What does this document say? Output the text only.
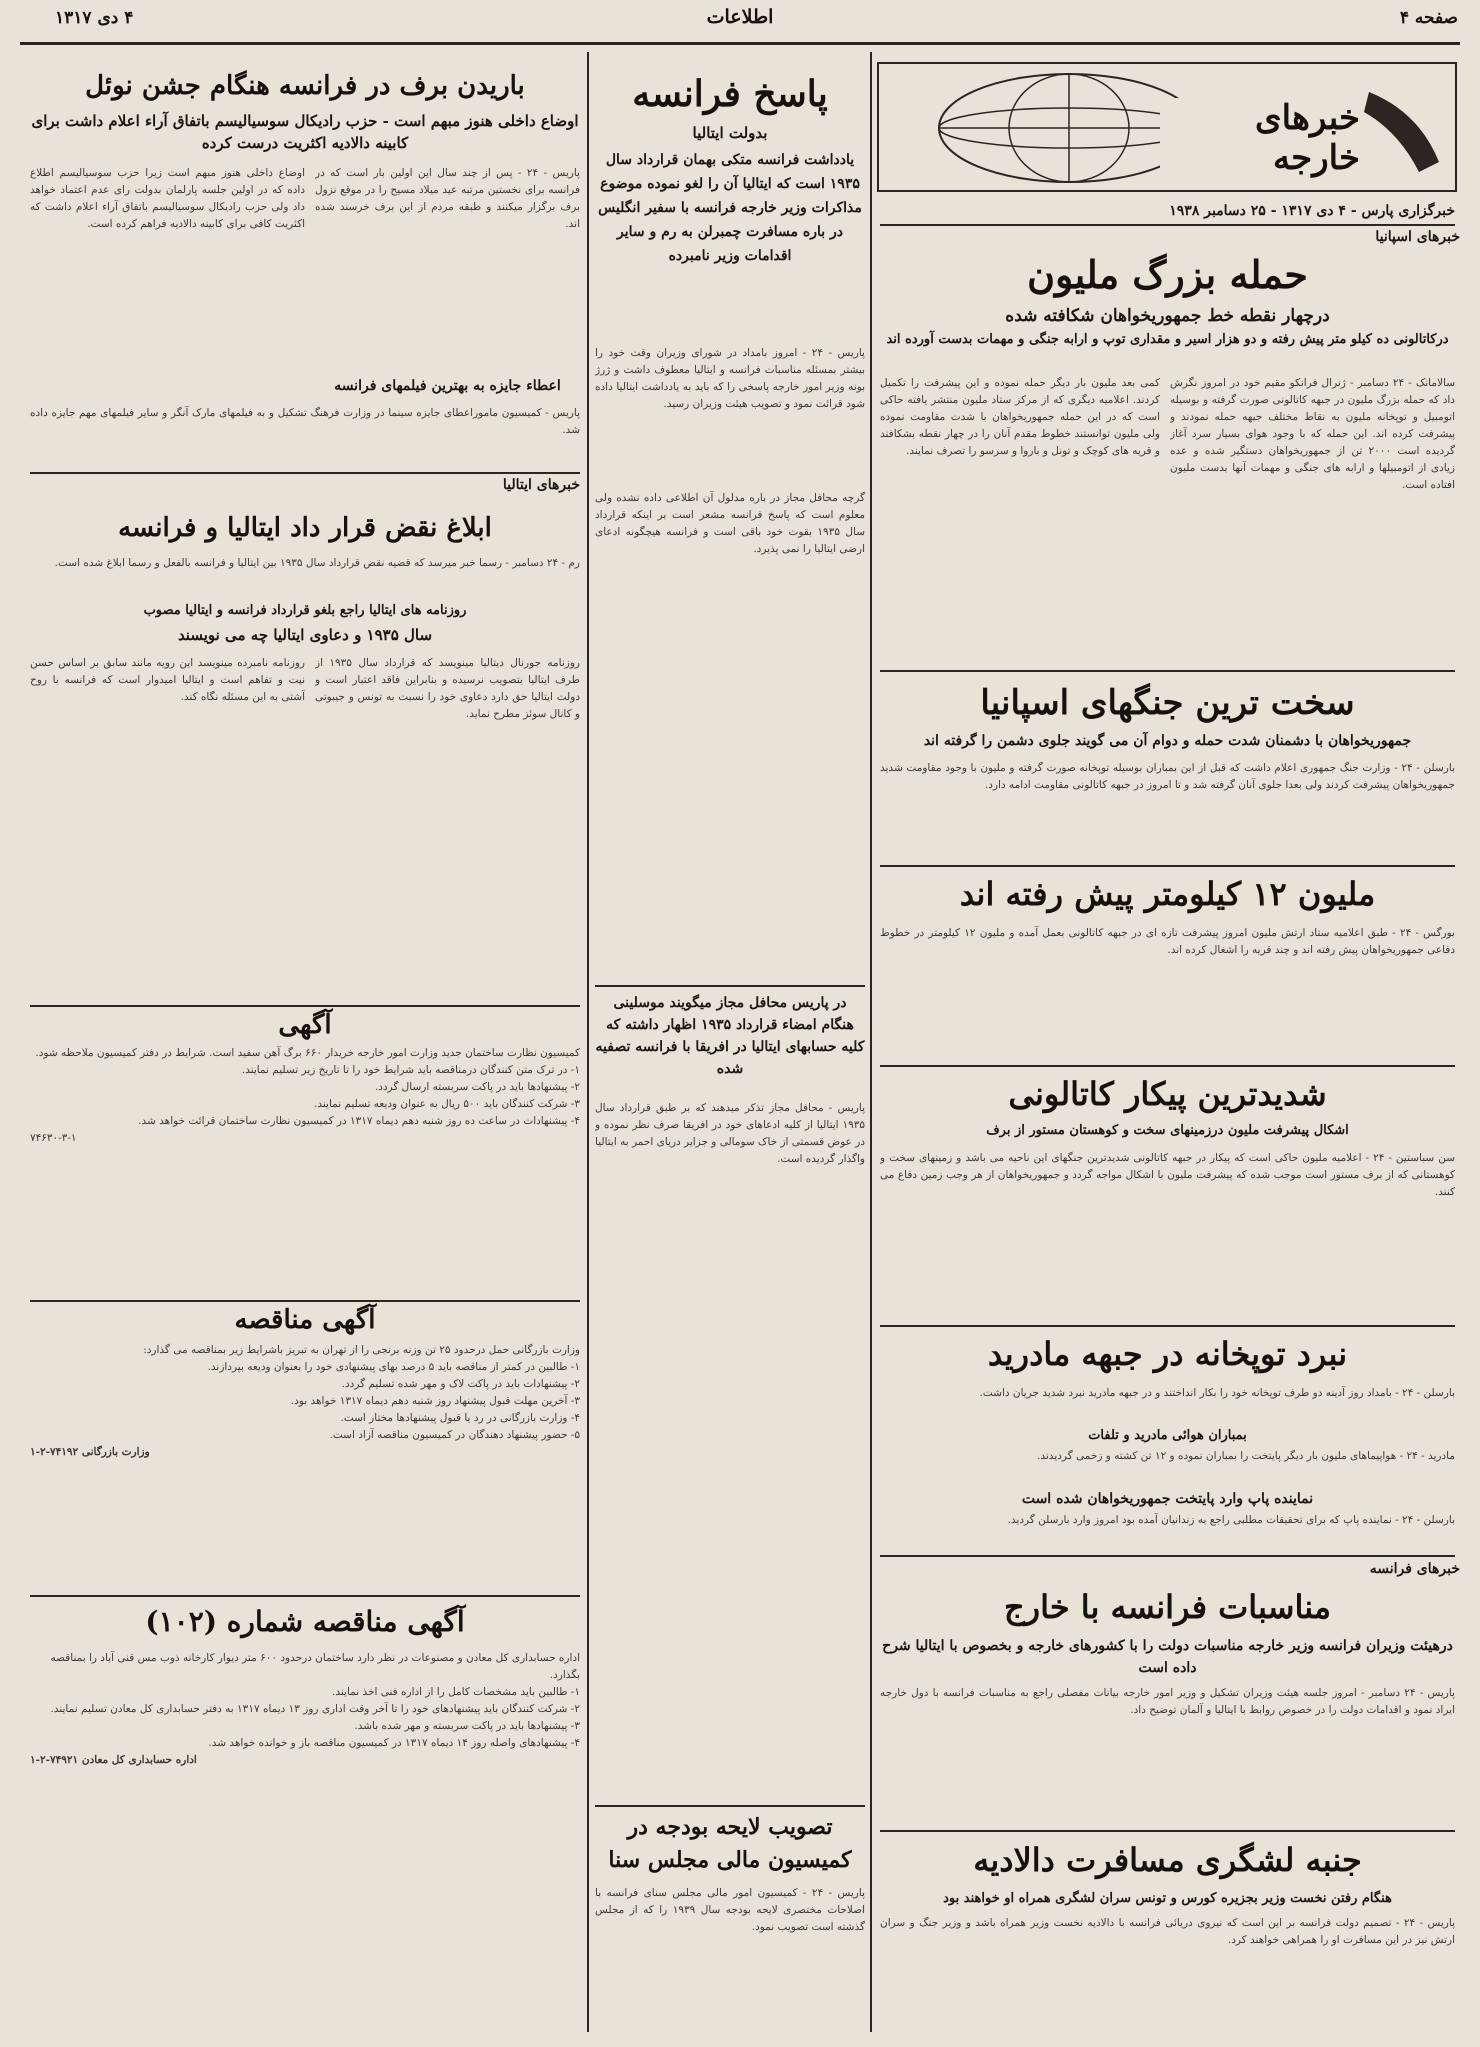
صفحه ۴
اطلاعات
۴ دی ۱۳۱۷
خبرهای خارجه
خبرگزاری پارس - ۴ دی ۱۳۱۷ - ۲۵ دسامبر ۱۹۳۸
خبرهای اسپانیا
حمله بزرگ ملیون
درچهار نقطه خط جمهوریخواهان شکافته شده
درکاتالونی ده کیلو متر پیش رفته و دو هزار اسیر و مقداری توپ و ارابه جنگی و مهمات بدست آورده اند
سالامانک - ۲۴ دسامبر - ژنرال فرانکو مقیم خود در امروز نگرش داد که حمله بزرگ ملیون در جبهه کاتالونی صورت گرفته و بوسیله اتومبیل و توپخانه ملیون به نقاط مختلف جبهه حمله نمودند و پیشرفت کرده اند. این حمله که با وجود هوای بسیار سرد آغاز گردیده است ۲۰۰۰ تن از جمهوریخواهان دستگیر شده و عده زیادی از اتومبیلها و ارابه های جنگی و مهمات آنها بدست ملیون افتاده است.
کمی بعد ملیون بار دیگر حمله نموده و این پیشرفت را تکمیل کردند. اعلامیه دیگری که از مرکز ستاد ملیون منتشر یافته حاکی است که در این حمله جمهوریخواهان با شدت مقاومت نموده ولی ملیون توانستند خطوط مقدم آنان را در چهار نقطه بشکافند و قریه های کوچک و تونل و باروا و سرسو را تصرف نمایند.
سخت ترین جنگهای اسپانیا
جمهوریخواهان با دشمنان شدت حمله و دوام آن می گویند جلوی دشمن را گرفته اند
بارسلن - ۲۴ - وزارت جنگ جمهوری اعلام داشت که قبل از این بمباران بوسیله توپخانه صورت گرفته و ملیون با وجود مقاومت شدید جمهوریخواهان پیشرفت کردند ولی بعدا جلوی آنان گرفته شد و تا امروز در جبهه کاتالونی مقاومت ادامه دارد.
ملیون ۱۲ کیلومتر پیش رفته اند
بورگس - ۲۴ - طبق اعلامیه ستاد ارتش ملیون امروز پیشرفت تازه ای در جبهه کاتالونی بعمل آمده و ملیون ۱۲ کیلومتر در خطوط دفاعی جمهوریخواهان پیش رفته اند و چند قریه را اشغال کرده اند.
شدیدترین پیکار کاتالونی
اشکال پیشرفت ملیون درزمینهای سخت و کوهستان مستور از برف
سن سباستین - ۲۴ - اعلامیه ملیون حاکی است که پیکار در جبهه کاتالونی شدیدترین جنگهای این ناحیه می باشد و زمینهای سخت و کوهستانی که از برف مستور است موجب شده که پیشرفت ملیون با اشکال مواجه گردد و جمهوریخواهان از هر وجب زمین دفاع می کنند.
نبرد توپخانه در جبهه مادرید
بارسلن - ۲۴ - بامداد روز آدینه دو طرف توپخانه خود را بکار انداختند و در جبهه مادرید نبرد شدید جریان داشت.
بمباران هوائی مادرید و تلفات
مادرید - ۲۴ - هواپیماهای ملیون بار دیگر پایتخت را بمباران نموده و ۱۲ تن کشته و زخمی گردیدند.
نماینده پاپ وارد پایتخت جمهوریخواهان شده است
بارسلن - ۲۴ - نماینده پاپ که برای تحقیقات مطلبی راجع به زندانیان آمده بود امروز وارد بارسلن گردید.
خبرهای فرانسه
مناسبات فرانسه با خارج
درهیئت وزیران فرانسه وزیر خارجه مناسبات دولت را با کشورهای خارجه و بخصوص با ایتالیا شرح داده است
پاریس - ۲۴ دسامبر - امروز جلسه هیئت وزیران تشکیل و وزیر امور خارجه بیانات مفصلی راجع به مناسبات فرانسه با دول خارجه ایراد نمود و اقدامات دولت را در خصوص روابط با ایتالیا و آلمان توضیح داد.
جنبه لشگری مسافرت دالادیه
هنگام رفتن نخست وزیر بجزیره کورس و تونس سران لشگری همراه او خواهند بود
پاریس - ۲۴ - تصمیم دولت فرانسه بر این است که نیروی دریائی فرانسه با دالادیه نخست وزیر همراه باشد و وزیر جنگ و سران ارتش نیز در این مسافرت او را همراهی خواهند کرد.
پاسخ فرانسه
بدولت ایتالیا
یادداشت فرانسه متکی بهمان قرارداد سال ۱۹۳۵ است که ایتالیا آن را لغو نموده موضوع مذاکرات وزیر خارجه فرانسه با سفیر انگلیس در باره مسافرت چمبرلن به رم و سایر اقدامات وزیر نامبرده
پاریس - ۲۴ - امروز بامداد در شورای وزیران وقت خود را بیشتر بمسئله مناسبات فرانسه و ایتالیا معطوف داشت و ژرژ بونه وزیر امور خارجه پاسخی را که باید به یادداشت ایتالیا داده شود قرائت نمود و تصویب هیئت وزیران رسید.
گرچه محافل مجاز در باره مدلول آن اطلاعی داده نشده ولی معلوم است که پاسخ فرانسه مشعر است بر اینکه قرارداد سال ۱۹۳۵ بقوت خود باقی است و فرانسه هیچگونه ادعای ارضی ایتالیا را نمی پذیرد.
در پاریس محافل مجاز میگویند موسلینی هنگام امضاء قرارداد ۱۹۳۵ اظهار داشته که کلیه حسابهای ایتالیا در افریقا با فرانسه تصفیه شده
پاریس - محافل مجاز تذکر میدهند که بر طبق قرارداد سال ۱۹۳۵ ایتالیا از کلیه ادعاهای خود در افریقا صرف نظر نموده و در عوض قسمتی از خاک سومالی و جزایر دریای احمر به ایتالیا واگذار گردیده است.
تصویب لایحه بودجه در
کمیسیون مالی مجلس سنا
پاریس - ۲۴ - کمیسیون امور مالی مجلس سنای فرانسه با اصلاحات مختصری لایحه بودجه سال ۱۹۳۹ را که از مجلس گذشته است تصویب نمود.
باریدن برف در فرانسه هنگام جشن نوئل
اوضاع داخلی هنوز مبهم است - حزب رادیکال سوسیالیسم باتفاق آراء اعلام داشت برای کابینه دالادیه اکثریت درست کرده
پاریس - ۲۴ - پس از چند سال این اولین بار است که در فرانسه برای نخستین مرتبه عید میلاد مسیح را در موقع نزول برف برگزار میکنند و طبقه مردم از این برف خرسند شده اند.
اوضاع داخلی هنوز مبهم است زیرا حزب سوسیالیسم اطلاع داده که در اولین جلسه پارلمان بدولت رای عدم اعتماد خواهد داد ولی حزب رادیکال سوسیالیسم باتفاق آراء اعلام داشت که اکثریت کافی برای کابینه دالادیه فراهم کرده است.
اعطاء جایزه به بهترین فیلمهای فرانسه
پاریس - کمیسیون ماموراعطای جایزه سینما در وزارت فرهنگ تشکیل و به فیلمهای مارک آنگر و سایر فیلمهای مهم جایزه داده شد.
خبرهای ایتالیا
ابلاغ نقض قرار داد ایتالیا و فرانسه
رم - ۲۴ دسامبر - رسما خبر میرسد که قضیه نقض قرارداد سال ۱۹۳۵ بین ایتالیا و فرانسه بالفعل و رسما ابلاغ شده است.
روزنامه های ایتالیا راجع بلغو قرارداد فرانسه و ایتالیا مصوب
سال ۱۹۳۵ و دعاوی ایتالیا چه می نویسند
روزنامه جورنال دیتالیا مینویسد که قرارداد سال ۱۹۳۵ از طرف ایتالیا بتصویب نرسیده و بنابراین فاقد اعتبار است و دولت ایتالیا حق دارد دعاوی خود را نسبت به تونس و جیبوتی و کانال سوئز مطرح نماید.
روزنامه نامبرده مینویسد این رویه مانند سابق بر اساس حسن نیت و تفاهم است و ایتالیا امیدوار است که فرانسه با روح آشتی به این مسئله نگاه کند.
آگهی
کمیسیون نظارت ساختمان جدید وزارت امور خارجه خریدار ۶۶۰ برگ آهن سفید است. شرایط در دفتر کمیسیون ملاحظه شود.
۱- در ترک متن کنندگان درمناقصه باید شرایط خود را تا تاریخ زیر تسلیم نمایند.
۲- پیشنهادها باید در پاکت سربسته ارسال گردد.
۳- شرکت کنندگان باید ۵۰۰ ریال به عنوان ودیعه تسلیم نمایند.
۴- پیشنهادات در ساعت ده روز شنبه دهم دیماه ۱۳۱۷ در کمیسیون نظارت ساختمان قرائت خواهد شد.
۷۴۶۳۰-۳-۱
آگهی مناقصه
وزارت بازرگانی حمل درحدود ۲۵ تن وزنه برنجی را از تهران به تبریز باشرایط زیر بمناقصه می گذارد:
۱- طالبین در کمتر از مناقصه باید ۵ درصد بهای پیشنهادی خود را بعنوان ودیعه بپردازند.
۲- پیشنهادات باید در پاکت لاک و مهر شده تسلیم گردد.
۳- آخرین مهلت قبول پیشنهاد روز شنبه دهم دیماه ۱۳۱۷ خواهد بود.
۴- وزارت بازرگانی در رد یا قبول پیشنهادها مختار است.
۵- حضور پیشنهاد دهندگان در کمیسیون مناقصه آزاد است.
وزارت بازرگانی ۷۴۱۹۲-۲-۱
آگهی مناقصه شماره (۱۰۲)
اداره حسابداری کل معادن و مصنوعات در نظر دارد ساختمان درحدود ۶۰۰ متر دیوار کارخانه ذوب مس قنی آباد را بمناقصه بگذارد.
۱- طالبین باید مشخصات کامل را از اداره فنی اخذ نمایند.
۲- شرکت کنندگان باید پیشنهادهای خود را تا آخر وقت اداری روز ۱۳ دیماه ۱۳۱۷ به دفتر حسابداری کل معادن تسلیم نمایند.
۳- پیشنهادها باید در پاکت سربسته و مهر شده باشد.
۴- پیشنهادهای واصله روز ۱۴ دیماه ۱۳۱۷ در کمیسیون مناقصه باز و خوانده خواهد شد.
اداره حسابداری کل معادن ۷۴۹۲۱-۲-۱
